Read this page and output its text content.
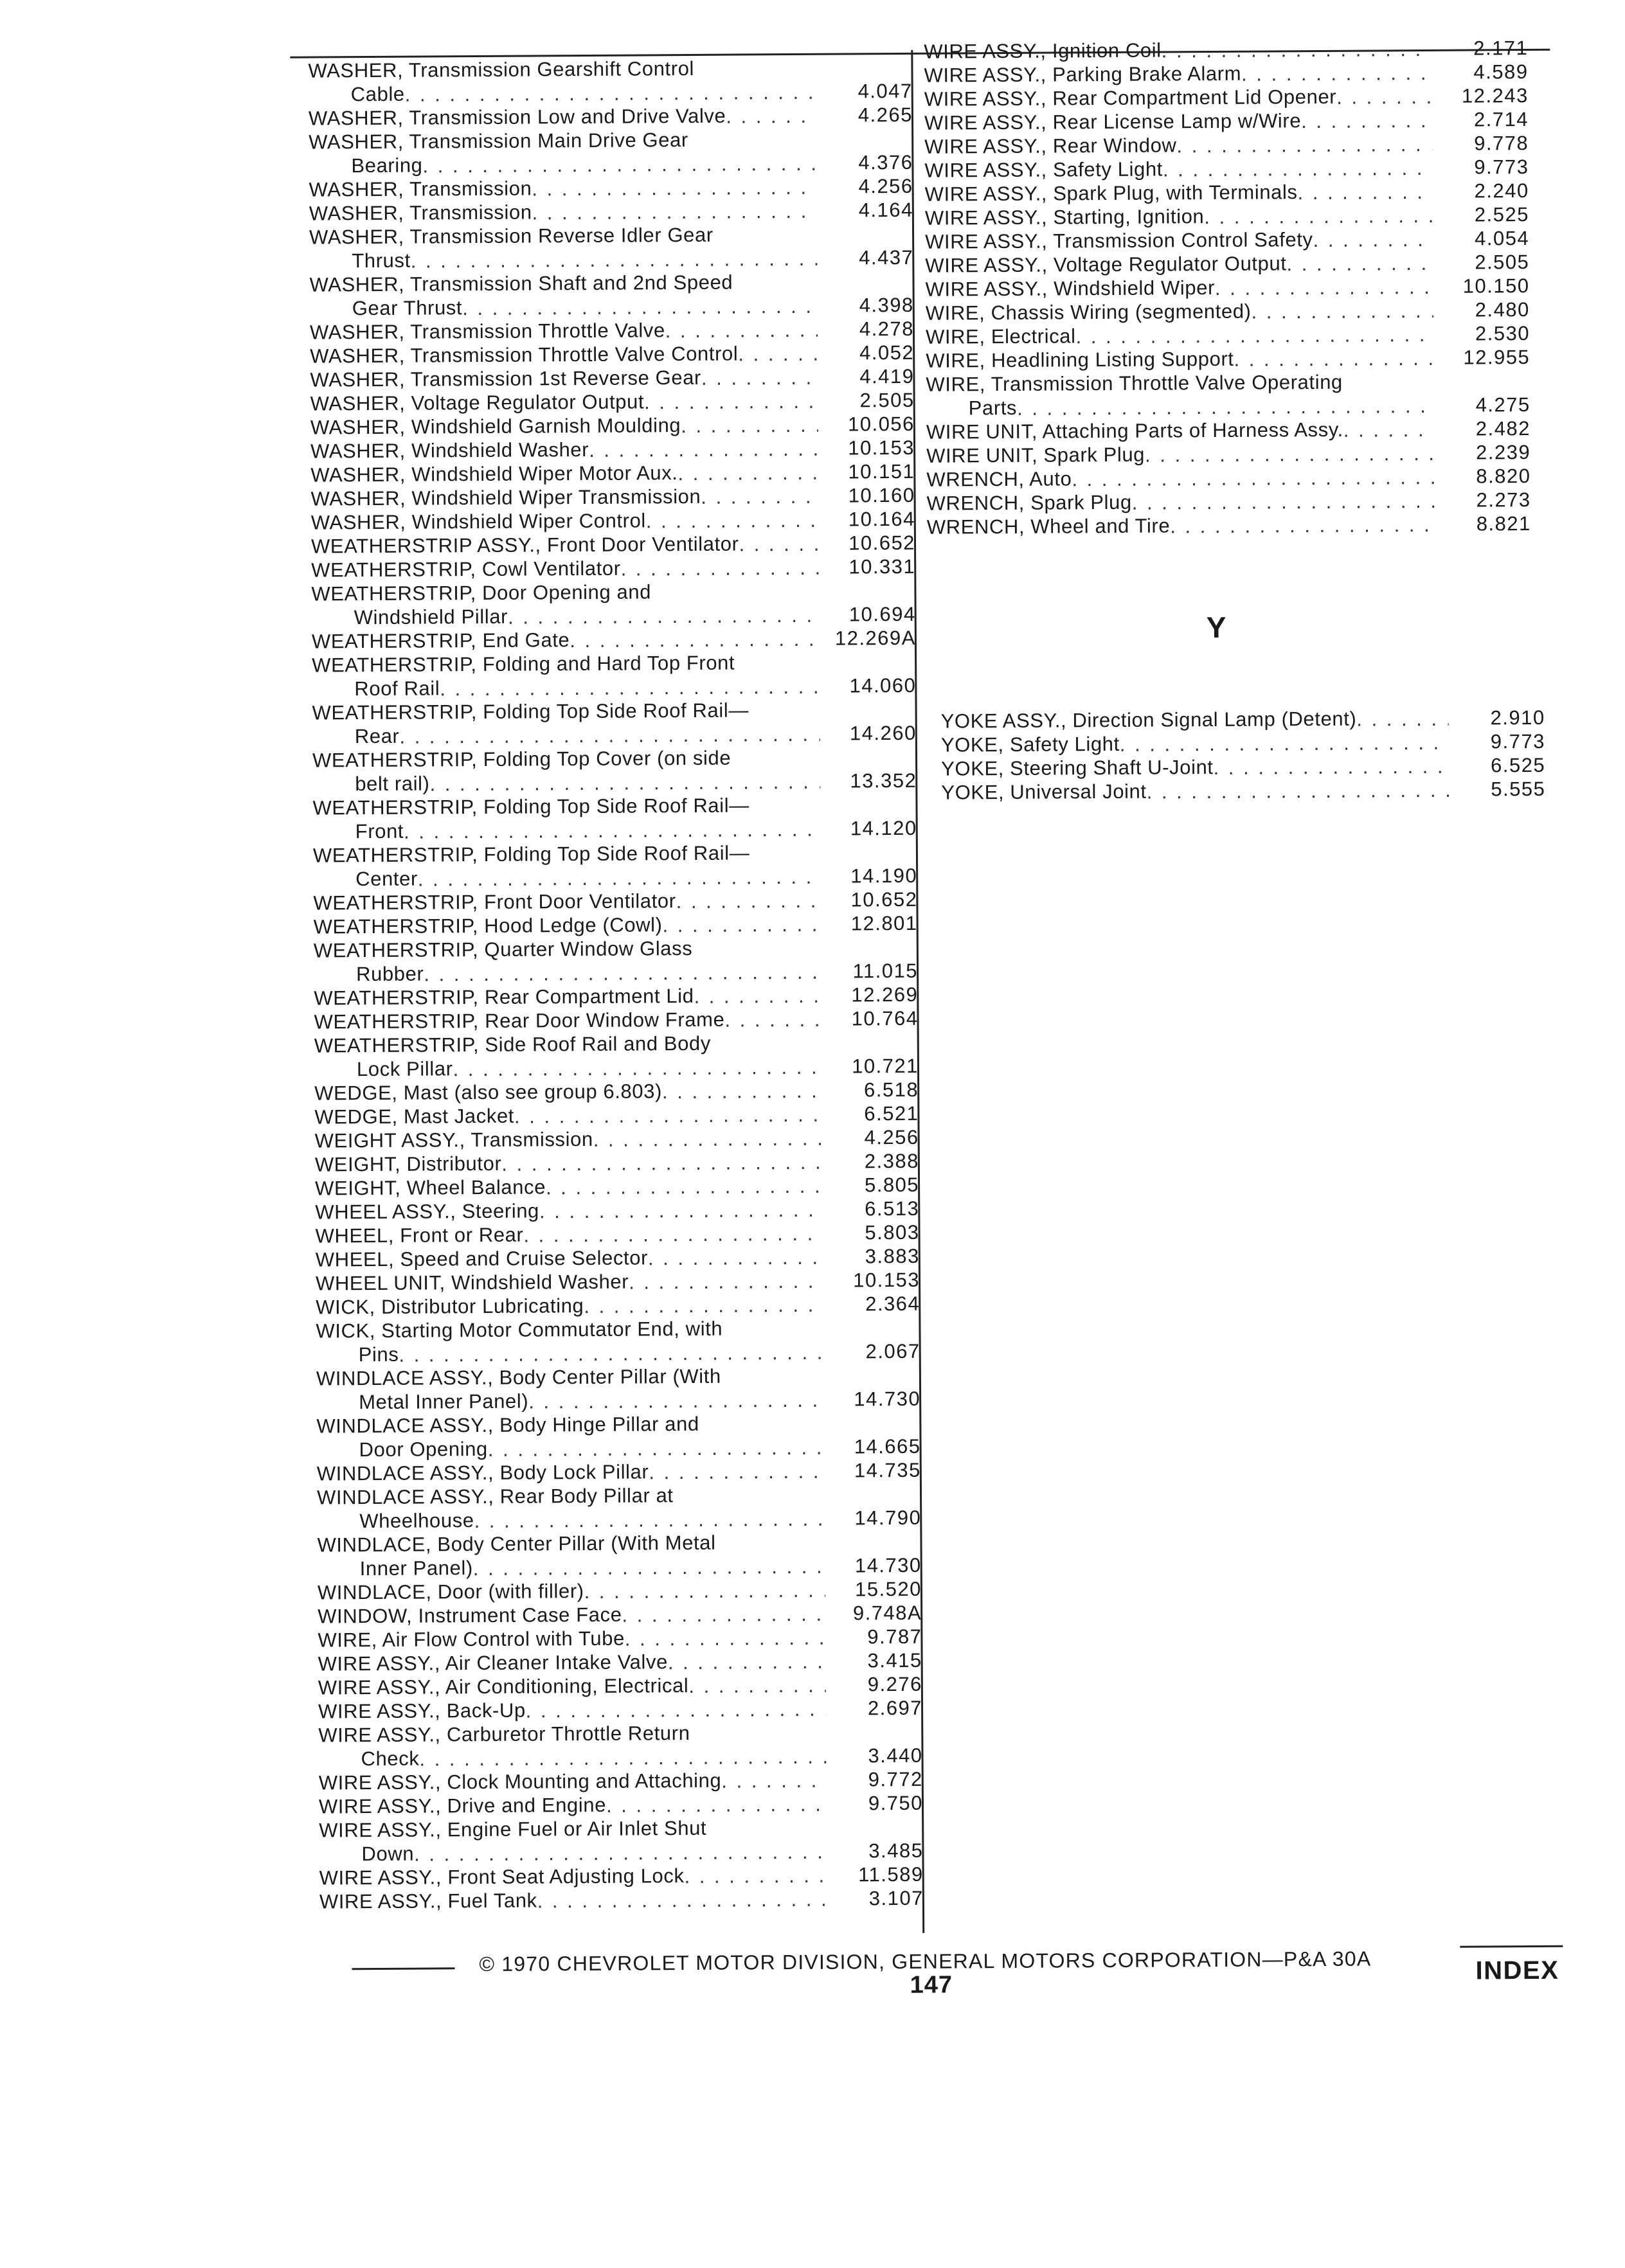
WASHER, Transmission Gearshift Control
Cable . . .	4.047
WASHER, Transmission Low and Drive Valve . . .	4.265
WASHER, Transmission Main Drive Gear
Bearing . . .	4.376
WASHER, Transmission . . .	4.256
WASHER, Transmission . . .	4.164
WASHER, Transmission Reverse Idler Gear
Thrust . . .	4.437
WASHER, Transmission Shaft and 2nd Speed
Gear Thrust . . .	4.398
WASHER, Transmission Throttle Valve . . .	4.278
WASHER, Transmission Throttle Valve Control . . .	4.052
WASHER, Transmission 1st Reverse Gear . . .	4.419
WASHER, Voltage Regulator Output . . .	2.505
WASHER, Windshield Garnish Moulding . . .	10.056
WASHER, Windshield Washer . . .	10.153
WASHER, Windshield Wiper Motor Aux. . . .	10.151
WASHER, Windshield Wiper Transmission . . .	10.160
WASHER, Windshield Wiper Control . . .	10.164
WEATHERSTRIP ASSY., Front Door Ventilator . . .	10.652
WEATHERSTRIP, Cowl Ventilator . . .	10.331
WEATHERSTRIP, Door Opening and
Windshield Pillar . . .	10.694
WEATHERSTRIP, End Gate . . .	12.269A
WEATHERSTRIP, Folding and Hard Top Front
Roof Rail . . .	14.060
WEATHERSTRIP, Folding Top Side Roof Rail—
Rear . . .	14.260
WEATHERSTRIP, Folding Top Cover (on side
belt rail) . . .	13.352
WEATHERSTRIP, Folding Top Side Roof Rail—
Front . . .	14.120
WEATHERSTRIP, Folding Top Side Roof Rail—
Center . . .	14.190
WEATHERSTRIP, Front Door Ventilator . . .	10.652
WEATHERSTRIP, Hood Ledge (Cowl) . . .	12.801
WEATHERSTRIP, Quarter Window Glass
Rubber . . .	11.015
WEATHERSTRIP, Rear Compartment Lid . . .	12.269
WEATHERSTRIP, Rear Door Window Frame . . .	10.764
WEATHERSTRIP, Side Roof Rail and Body
Lock Pillar . . .	10.721
WEDGE, Mast (also see group 6.803) . . .	6.518
WEDGE, Mast Jacket . . .	6.521
WEIGHT ASSY., Transmission . . .	4.256
WEIGHT, Distributor . . .	2.388
WEIGHT, Wheel Balance . . .	5.805
WHEEL ASSY., Steering . . .	6.513
WHEEL, Front or Rear . . .	5.803
WHEEL, Speed and Cruise Selector . . .	3.883
WHEEL UNIT, Windshield Washer . . .	10.153
WICK, Distributor Lubricating . . .	2.364
WICK, Starting Motor Commutator End, with
Pins . . .	2.067
WINDLACE ASSY., Body Center Pillar (With
Metal Inner Panel) . . .	14.730
WINDLACE ASSY., Body Hinge Pillar and
Door Opening . . .	14.665
WINDLACE ASSY., Body Lock Pillar . . .	14.735
WINDLACE ASSY., Rear Body Pillar at
Wheelhouse . . .	14.790
WINDLACE, Body Center Pillar (With Metal
Inner Panel) . . .	14.730
WINDLACE, Door (with filler) . . .	15.520
WINDOW, Instrument Case Face . . .	9.748A
WIRE, Air Flow Control with Tube . . .	9.787
WIRE ASSY., Air Cleaner Intake Valve . . .	3.415
WIRE ASSY., Air Conditioning, Electrical . . .	9.276
WIRE ASSY., Back-Up . . .	2.697
WIRE ASSY., Carburetor Throttle Return
Check . . .	3.440
WIRE ASSY., Clock Mounting and Attaching . . .	9.772
WIRE ASSY., Drive and Engine . . .	9.750
WIRE ASSY., Engine Fuel or Air Inlet Shut
Down . . .	3.485
WIRE ASSY., Front Seat Adjusting Lock . . .	11.589
WIRE ASSY., Fuel Tank . . .	3.107
WIRE ASSY., Ignition Coil . . .	2.171
WIRE ASSY., Parking Brake Alarm . . .	4.589
WIRE ASSY., Rear Compartment Lid Opener . . .	12.243
WIRE ASSY., Rear License Lamp w/Wire . . .	2.714
WIRE ASSY., Rear Window . . .	9.778
WIRE ASSY., Safety Light . . .	9.773
WIRE ASSY., Spark Plug, with Terminals . . .	2.240
WIRE ASSY., Starting, Ignition . . .	2.525
WIRE ASSY., Transmission Control Safety . . .	4.054
WIRE ASSY., Voltage Regulator Output . . .	2.505
WIRE ASSY., Windshield Wiper . . .	10.150
WIRE, Chassis Wiring (segmented) . . .	2.480
WIRE, Electrical . . .	2.530
WIRE, Headlining Listing Support . . .	12.955
WIRE, Transmission Throttle Valve Operating
Parts . . .	4.275
WIRE UNIT, Attaching Parts of Harness Assy. . . .	2.482
WIRE UNIT, Spark Plug . . .	2.239
WRENCH, Auto . . .	8.820
WRENCH, Spark Plug . . .	2.273
WRENCH, Wheel and Tire . . .	8.821
Y
YOKE ASSY., Direction Signal Lamp (Detent) . . .	2.910
YOKE, Safety Light . . .	9.773
YOKE, Steering Shaft U-Joint . . .	6.525
YOKE, Universal Joint . . .	5.555
© 1970 CHEVROLET MOTOR DIVISION, GENERAL MOTORS CORPORATION—P&A 30A
147
INDEX
